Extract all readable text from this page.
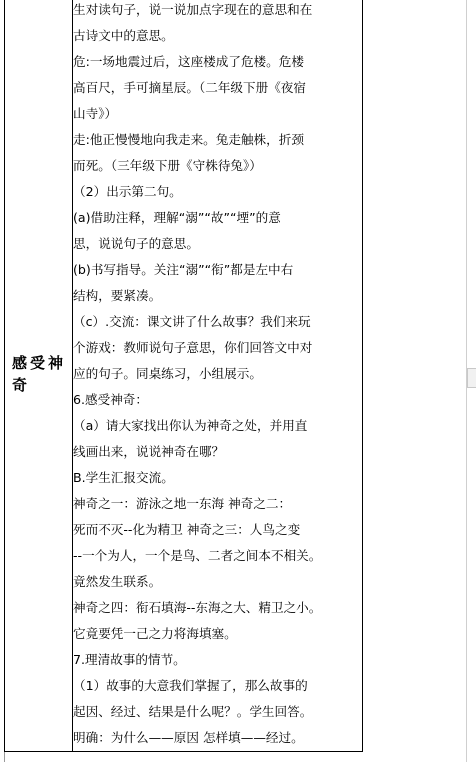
感受神
奇

生对读句子，说一说加点字现在的意思和在
古诗文中的意思。
危:一场地震过后，这座楼成了危楼。危楼
高百尺，手可摘星辰。（二年级下册《夜宿
山寺》）
走:他正慢慢地向我走来。兔走触株，折颈
而死。（三年级下册《守株待兔》）
（2）出示第二句。
(a)借助注释，理解“溺”“故”“堙”的意
思，说说句子的意思。
(b)书写指导。关注“溺”“衔”都是左中右
结构，要紧凑。
（c）.交流：课文讲了什么故事？我们来玩
个游戏：教师说句子意思，你们回答文中对
应的句子。同桌练习，小组展示。
6.感受神奇：
（a）请大家找出你认为神奇之处，并用直
线画出来，说说神奇在哪？
B.学生汇报交流。
神奇之一：游泳之地一东海 神奇之二：
死而不灭--化为精卫 神奇之三：人鸟之变
--一个为人，一个是鸟、二者之间本不相关。
竟然发生联系。
神奇之四：衔石填海--东海之大、精卫之小。
它竟要凭一己之力将海填塞。
7.理清故事的情节。
（1）故事的大意我们掌握了，那么故事的
起因、经过、结果是什么呢？。学生回答。
明确：为什么——原因 怎样填——经过。
